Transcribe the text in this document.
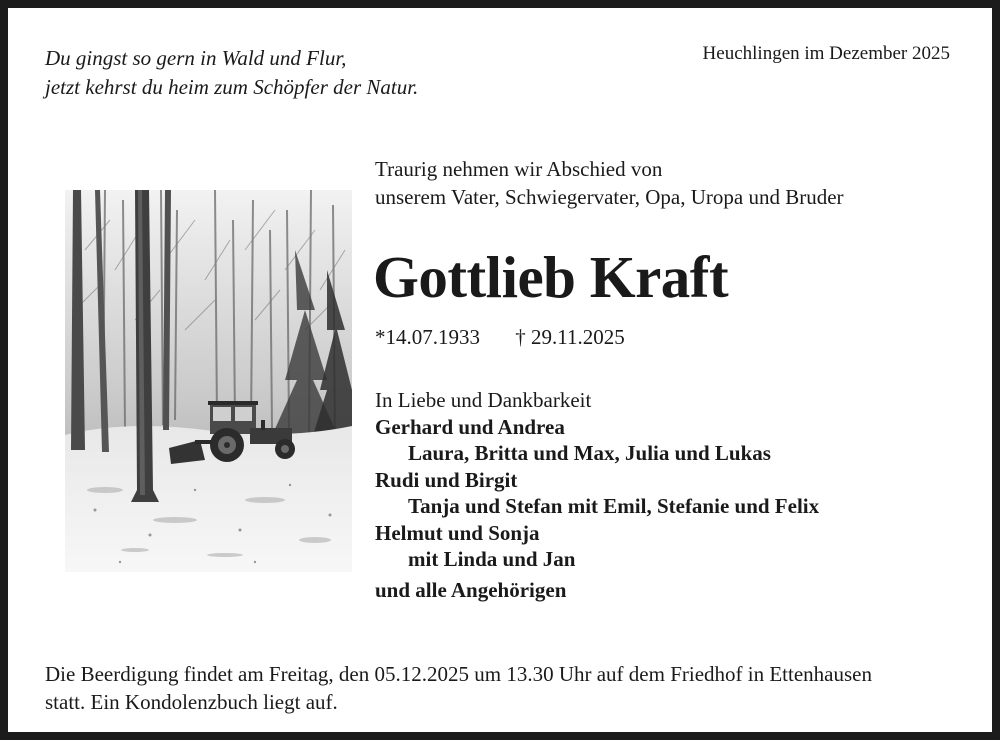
Du gingst so gern in Wald und Flur,
jetzt kehrst du heim zum Schöpfer der Natur.
Heuchlingen im Dezember 2025
Traurig nehmen wir Abschied von
unserem Vater, Schwiegervater, Opa, Uropa und Bruder
Gottlieb Kraft
*14.07.1933 † 29.11.2025
In Liebe und Dankbarkeit
Gerhard und Andrea
Laura, Britta und Max, Julia und Lukas
Rudi und Birgit
Tanja und Stefan mit Emil, Stefanie und Felix
Helmut und Sonja
mit Linda und Jan
und alle Angehörigen
Die Beerdigung findet am Freitag, den 05.12.2025 um 13.30 Uhr auf dem Friedhof in Ettenhausen
statt. Ein Kondolenzbuch liegt auf.
